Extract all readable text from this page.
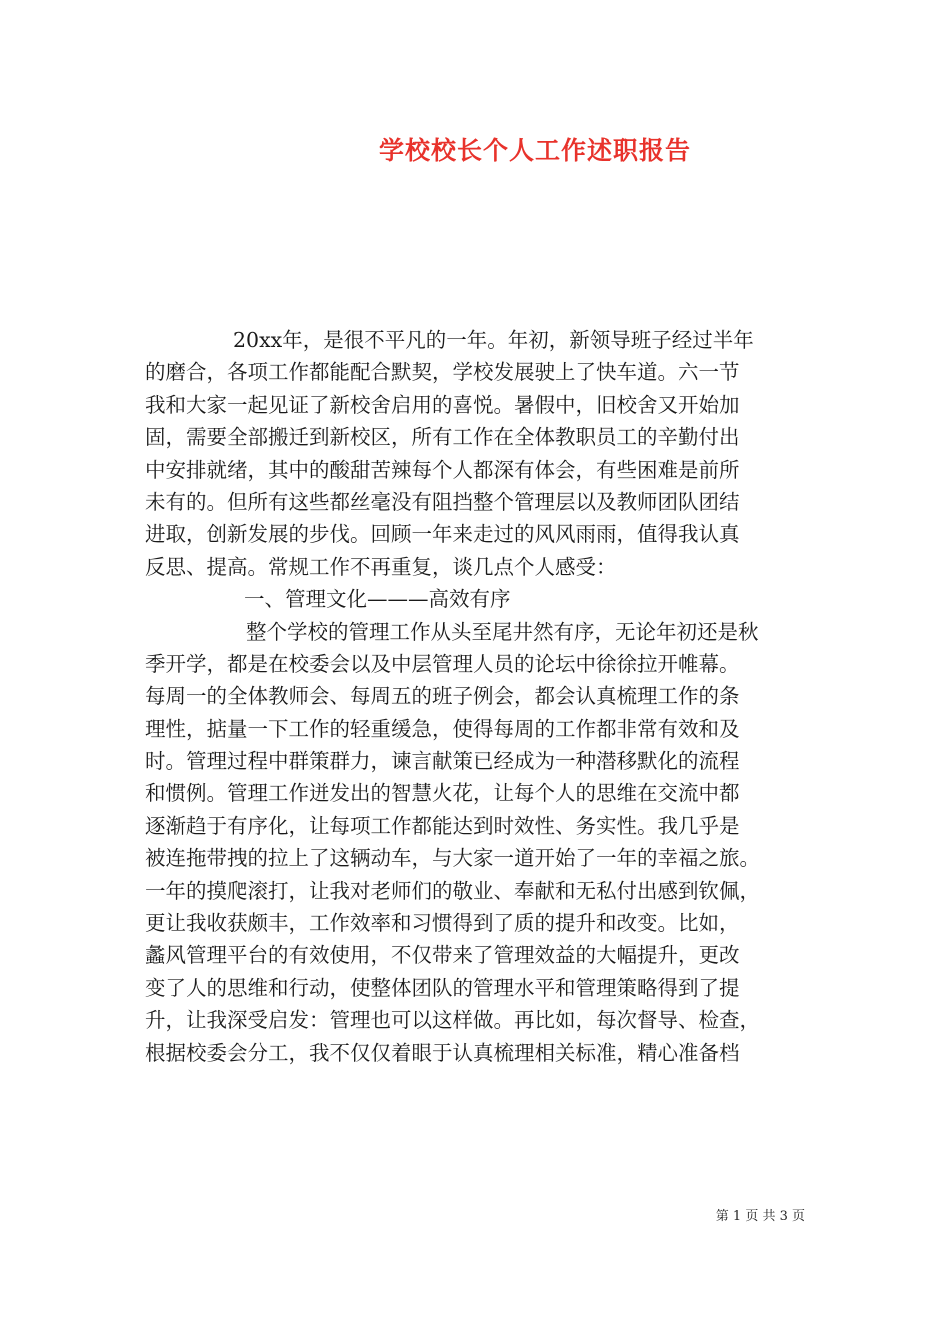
学校校长个人工作述职报告
20xx年，是很不平凡的一年。年初，新领导班子经过半年
的磨合，各项工作都能配合默契，学校发展驶上了快车道。六一节
我和大家一起见证了新校舍启用的喜悦。暑假中，旧校舍又开始加
固，需要全部搬迁到新校区，所有工作在全体教职员工的辛勤付出
中安排就绪，其中的酸甜苦辣每个人都深有体会，有些困难是前所
未有的。但所有这些都丝毫没有阻挡整个管理层以及教师团队团结
进取，创新发展的步伐。回顾一年来走过的风风雨雨，值得我认真
反思、提高。常规工作不再重复，谈几点个人感受：
一、管理文化———高效有序
整个学校的管理工作从头至尾井然有序，无论年初还是秋
季开学，都是在校委会以及中层管理人员的论坛中徐徐拉开帷幕。
每周一的全体教师会、每周五的班子例会，都会认真梳理工作的条
理性，掂量一下工作的轻重缓急，使得每周的工作都非常有效和及
时。管理过程中群策群力，谏言献策已经成为一种潜移默化的流程
和惯例。管理工作迸发出的智慧火花，让每个人的思维在交流中都
逐渐趋于有序化，让每项工作都能达到时效性、务实性。我几乎是
被连拖带拽的拉上了这辆动车，与大家一道开始了一年的幸福之旅。
一年的摸爬滚打，让我对老师们的敬业、奉献和无私付出感到钦佩，
更让我收获颇丰，工作效率和习惯得到了质的提升和改变。比如，
蠡风管理平台的有效使用，不仅带来了管理效益的大幅提升，更改
变了人的思维和行动，使整体团队的管理水平和管理策略得到了提
升，让我深受启发：管理也可以这样做。再比如，每次督导、检查，
根据校委会分工，我不仅仅着眼于认真梳理相关标准，精心准备档
第 1 页 共 3 页
